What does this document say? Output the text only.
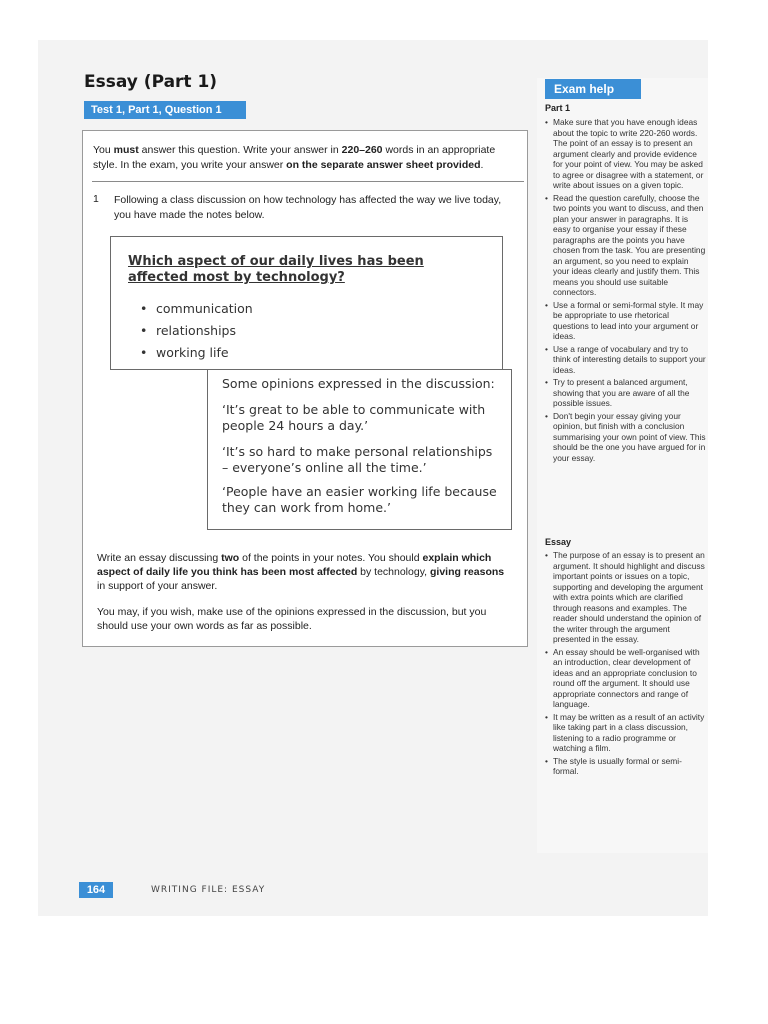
Essay (Part 1)
Test 1, Part 1, Question 1

You must answer this question. Write your answer in 220–260 words in an appropriate style. In the exam, you write your answer on the separate answer sheet provided.

1 Following a class discussion on how technology has affected the way we live today, you have made the notes below.

Which aspect of our daily lives has been affected most by technology?

• communication
• relationships
• working life

Some opinions expressed in the discussion:

‘It’s great to be able to communicate with people 24 hours a day.’

‘It’s so hard to make personal relationships – everyone’s online all the time.’

‘People have an easier working life because they can work from home.’

Write an essay discussing two of the points in your notes. You should explain which aspect of daily life you think has been most affected by technology, giving reasons in support of your answer.

You may, if you wish, make use of the opinions expressed in the discussion, but you should use your own words as far as possible.

Exam help

Part 1

• Make sure that you have enough ideas about the topic to write 220-260 words. The point of an essay is to present an argument clearly and provide evidence for your point of view. You may be asked to agree or disagree with a statement, or write about issues on a given topic.
• Read the question carefully, choose the two points you want to discuss, and then plan your answer in paragraphs. It is easy to organise your essay if these paragraphs are the points you have chosen from the task. You are presenting an argument, so you need to explain your ideas clearly and justify them. This means you should use suitable connectors.
• Use a formal or semi-formal style. It may be appropriate to use rhetorical questions to lead into your argument or ideas.
• Use a range of vocabulary and try to think of interesting details to support your ideas.
• Try to present a balanced argument, showing that you are aware of all the possible issues.
• Don't begin your essay giving your opinion, but finish with a conclusion summarising your own point of view. This should be the one you have argued for in your essay.

Essay

• The purpose of an essay is to present an argument. It should highlight and discuss important points or issues on a topic, supporting and developing the argument with extra points which are clarified through reasons and examples. The reader should understand the opinion of the writer through the argument presented in the essay.
• An essay should be well-organised with an introduction, clear development of ideas and an appropriate conclusion to round off the argument. It should use appropriate connectors and range of language.
• It may be written as a result of an activity like taking part in a class discussion, listening to a radio programme or watching a film.
• The style is usually formal or semi-formal.
164	WRITING FILE: ESSAY
